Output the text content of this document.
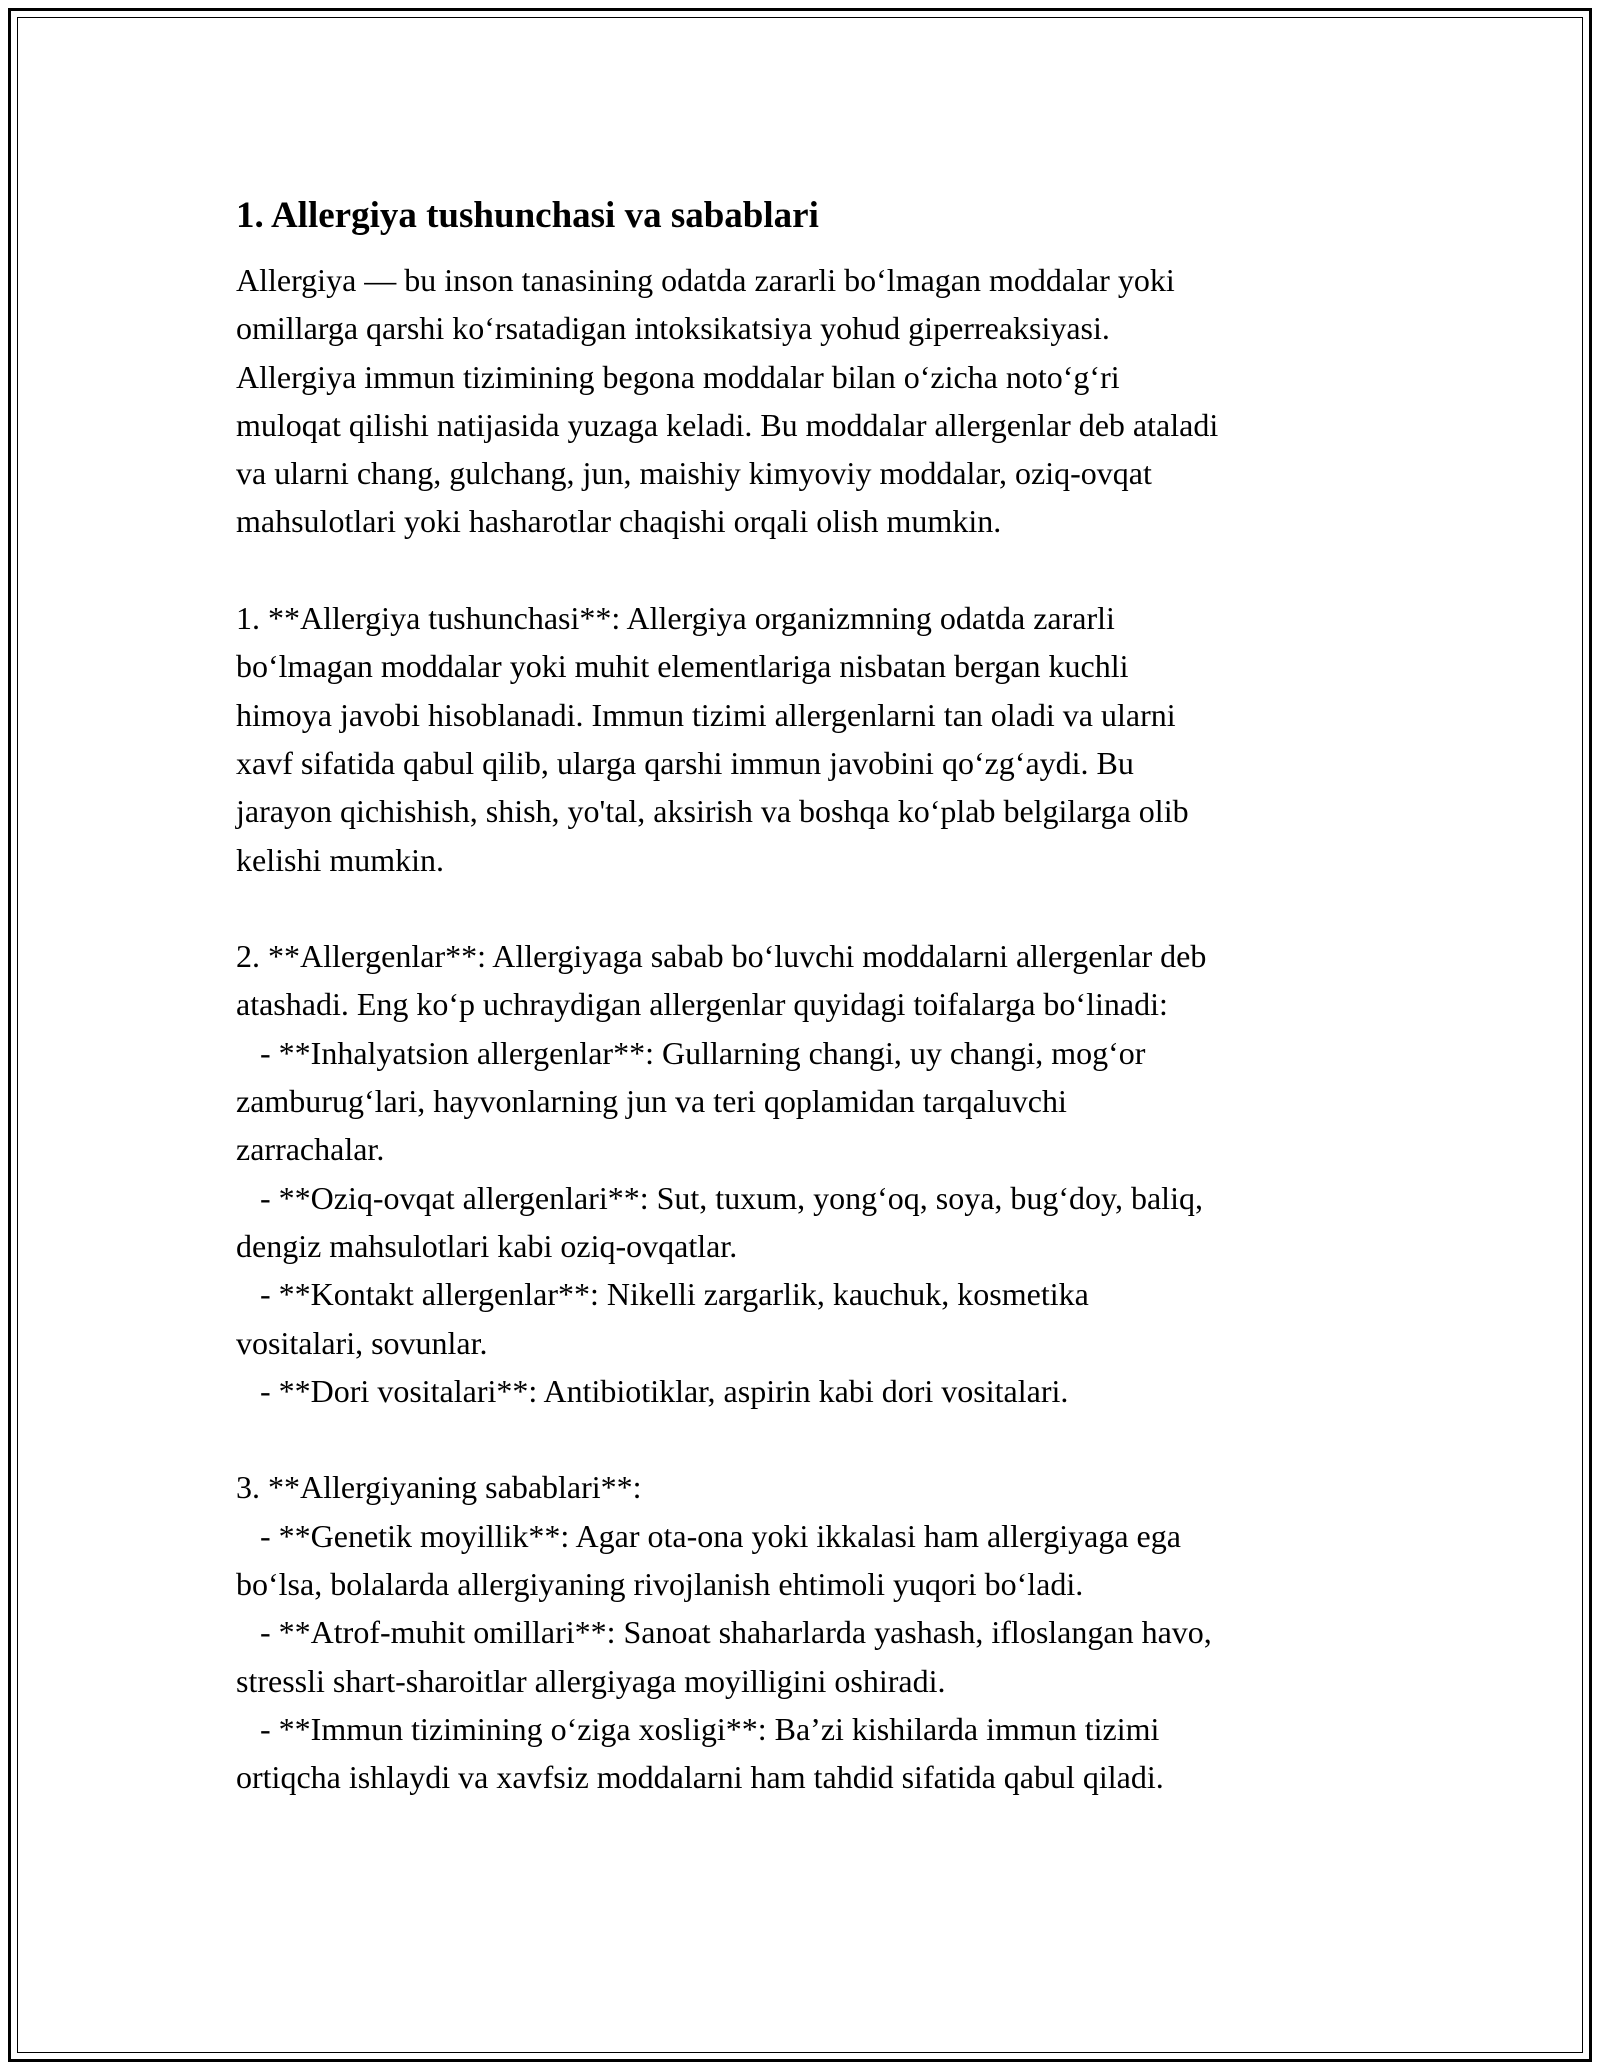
1. Allergiya tushunchasi va sabablari
Allergiya — bu inson tanasining odatda zararli boʻlmagan moddalar yoki
omillarga qarshi koʻrsatadigan intoksikatsiya yohud giperreaksiyasi.
Allergiya immun tizimining begona moddalar bilan oʻzicha notoʻgʻri
muloqat qilishi natijasida yuzaga keladi. Bu moddalar allergenlar deb ataladi
va ularni chang, gulchang, jun, maishiy kimyoviy moddalar, oziq-ovqat
mahsulotlari yoki hasharotlar chaqishi orqali olish mumkin.
1. **Allergiya tushunchasi**: Allergiya organizmning odatda zararli
boʻlmagan moddalar yoki muhit elementlariga nisbatan bergan kuchli
himoya javobi hisoblanadi. Immun tizimi allergenlarni tan oladi va ularni
xavf sifatida qabul qilib, ularga qarshi immun javobini qoʻzgʻaydi. Bu
jarayon qichishish, shish, yo'tal, aksirish va boshqa koʻplab belgilarga olib
kelishi mumkin.
2. **Allergenlar**: Allergiyaga sabab boʻluvchi moddalarni allergenlar deb
atashadi. Eng koʻp uchraydigan allergenlar quyidagi toifalarga boʻlinadi:
- **Inhalyatsion allergenlar**: Gullarning changi, uy changi, mogʻor
zamburugʻlari, hayvonlarning jun va teri qoplamidan tarqaluvchi
zarrachalar.
- **Oziq-ovqat allergenlari**: Sut, tuxum, yongʻoq, soya, bugʻdoy, baliq,
dengiz mahsulotlari kabi oziq-ovqatlar.
- **Kontakt allergenlar**: Nikelli zargarlik, kauchuk, kosmetika
vositalari, sovunlar.
- **Dori vositalari**: Antibiotiklar, aspirin kabi dori vositalari.
3. **Allergiyaning sabablari**:
- **Genetik moyillik**: Agar ota-ona yoki ikkalasi ham allergiyaga ega
boʻlsa, bolalarda allergiyaning rivojlanish ehtimoli yuqori boʻladi.
- **Atrof-muhit omillari**: Sanoat shaharlarda yashash, ifloslangan havo,
stressli shart-sharoitlar allergiyaga moyilligini oshiradi.
- **Immun tizimining oʻziga xosligi**: Baʼzi kishilarda immun tizimi
ortiqcha ishlaydi va xavfsiz moddalarni ham tahdid sifatida qabul qiladi.
